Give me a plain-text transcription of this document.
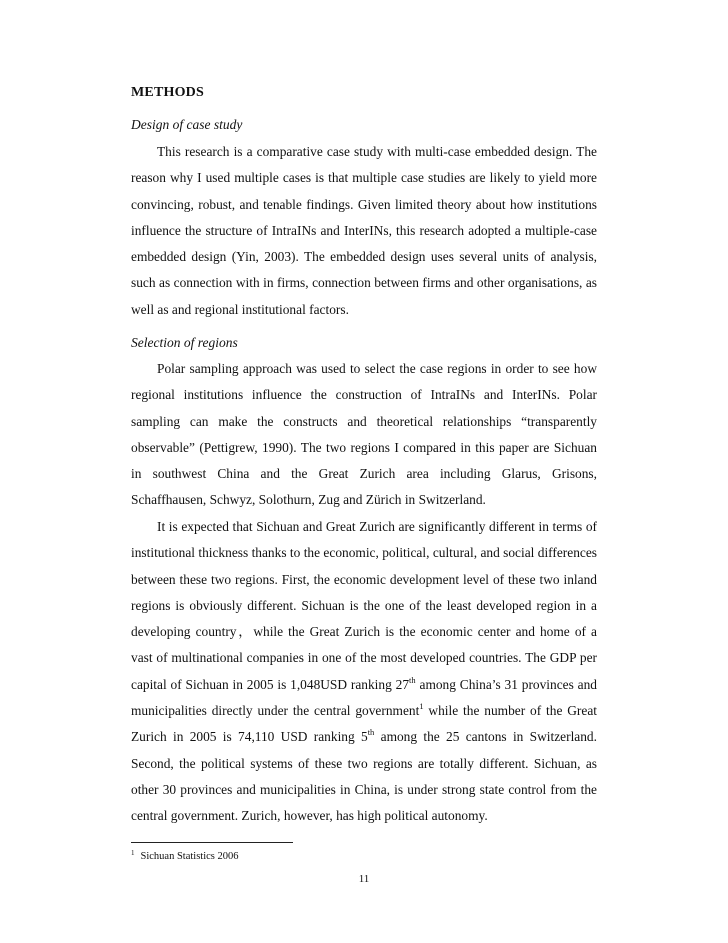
METHODS
Design of case study

This research is a comparative case study with multi-case embedded design. The reason why I used multiple cases is that multiple case studies are likely to yield more convincing, robust, and tenable findings. Given limited theory about how institutions influence the structure of IntraINs and InterINs, this research adopted a multiple-case embedded design (Yin, 2003). The embedded design uses several units of analysis, such as connection with in firms, connection between firms and other organisations, as well as and regional institutional factors.

Selection of regions

Polar sampling approach was used to select the case regions in order to see how regional institutions influence the construction of IntraINs and InterINs. Polar sampling can make the constructs and theoretical relationships “transparently observable” (Pettigrew, 1990). The two regions I compared in this paper are Sichuan in southwest China and the Great Zurich area including Glarus, Grisons, Schaffhausen, Schwyz, Solothurn, Zug and Zürich in Switzerland.

It is expected that Sichuan and Great Zurich are significantly different in terms of institutional thickness thanks to the economic, political, cultural, and social differences between these two regions. First, the economic development level of these two inland regions is obviously different. Sichuan is the one of the least developed region in a developing country，while the Great Zurich is the economic center and home of a vast of multinational companies in one of the most developed countries. The GDP per capital of Sichuan in 2005 is 1,048USD ranking 27th among China’s 31 provinces and municipalities directly under the central government$^1$ while the number of the Great Zurich in 2005 is 74,110 USD ranking 5th among the 25 cantons in Switzerland. Second, the political systems of these two regions are totally different. Sichuan, as other 30 provinces and municipalities in China, is under strong state control from the central government. Zurich, however, has high political autonomy.

$^1$ Sichuan Statistics 2006
11
